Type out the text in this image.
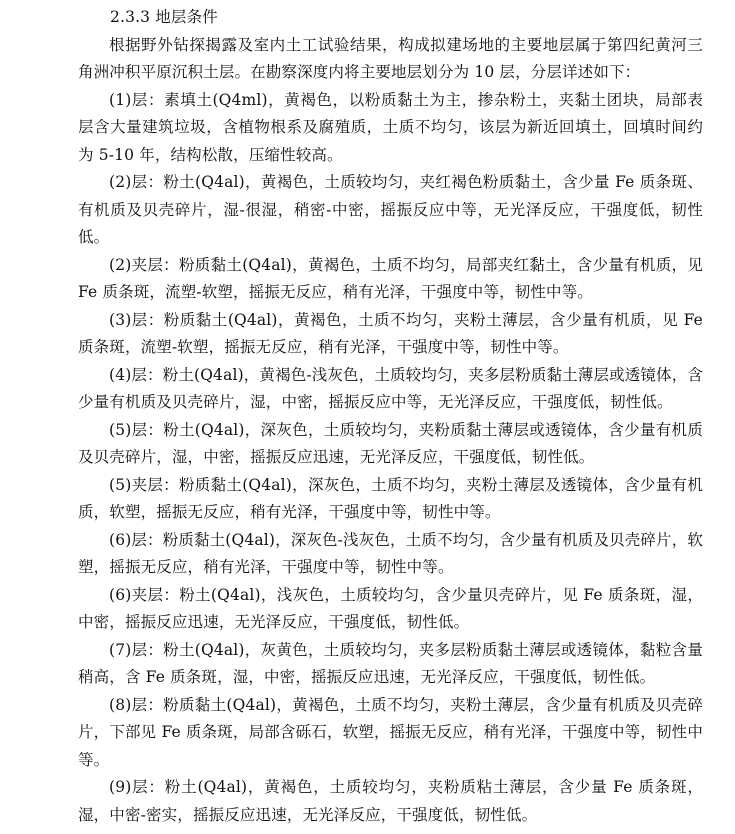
2.3.3 地层条件

根据野外钻探揭露及室内土工试验结果，构成拟建场地的主要地层属于第四纪黄河三角洲冲积平原沉积土层。在勘察深度内将主要地层划分为 10 层，分层详述如下：

(1)层：素填土(Q4ml)，黄褐色，以粉质黏土为主，掺杂粉土，夹黏土团块，局部表层含大量建筑垃圾，含植物根系及腐殖质，土质不均匀，该层为新近回填土，回填时间约为 5-10 年，结构松散，压缩性较高。

(2)层：粉土(Q4al)，黄褐色，土质较均匀，夹红褐色粉质黏土，含少量 Fe 质条斑、有机质及贝壳碎片，湿-很湿，稍密-中密，摇振反应中等，无光泽反应，干强度低，韧性低。

(2)夹层：粉质黏土(Q4al)，黄褐色，土质不均匀，局部夹红黏土，含少量有机质，见 Fe 质条斑，流塑-软塑，摇振无反应，稍有光泽，干强度中等，韧性中等。

(3)层：粉质黏土(Q4al)，黄褐色，土质不均匀，夹粉土薄层，含少量有机质，见 Fe 质条斑，流塑-软塑，摇振无反应，稍有光泽，干强度中等，韧性中等。

(4)层：粉土(Q4al)，黄褐色-浅灰色，土质较均匀，夹多层粉质黏土薄层或透镜体，含少量有机质及贝壳碎片，湿，中密，摇振反应中等，无光泽反应，干强度低，韧性低。

(5)层：粉土(Q4al)，深灰色，土质较均匀，夹粉质黏土薄层或透镜体，含少量有机质及贝壳碎片，湿，中密，摇振反应迅速，无光泽反应，干强度低，韧性低。

(5)夹层：粉质黏土(Q4al)，深灰色，土质不均匀，夹粉土薄层及透镜体，含少量有机质，软塑，摇振无反应，稍有光泽，干强度中等，韧性中等。

(6)层：粉质黏土(Q4al)，深灰色-浅灰色，土质不均匀，含少量有机质及贝壳碎片，软塑，摇振无反应，稍有光泽，干强度中等，韧性中等。

(6)夹层：粉土(Q4al)，浅灰色，土质较均匀，含少量贝壳碎片，见 Fe 质条斑，湿，中密，摇振反应迅速，无光泽反应，干强度低，韧性低。

(7)层：粉土(Q4al)，灰黄色，土质较均匀，夹多层粉质黏土薄层或透镜体，黏粒含量稍高，含 Fe 质条斑，湿，中密，摇振反应迅速，无光泽反应，干强度低，韧性低。

(8)层：粉质黏土(Q4al)，黄褐色，土质不均匀，夹粉土薄层，含少量有机质及贝壳碎片，下部见 Fe 质条斑，局部含砾石，软塑，摇振无反应，稍有光泽，干强度中等，韧性中等。

(9)层：粉土(Q4al)，黄褐色，土质较均匀，夹粉质粘土薄层，含少量 Fe 质条斑，湿，中密-密实，摇振反应迅速，无光泽反应，干强度低，韧性低。
